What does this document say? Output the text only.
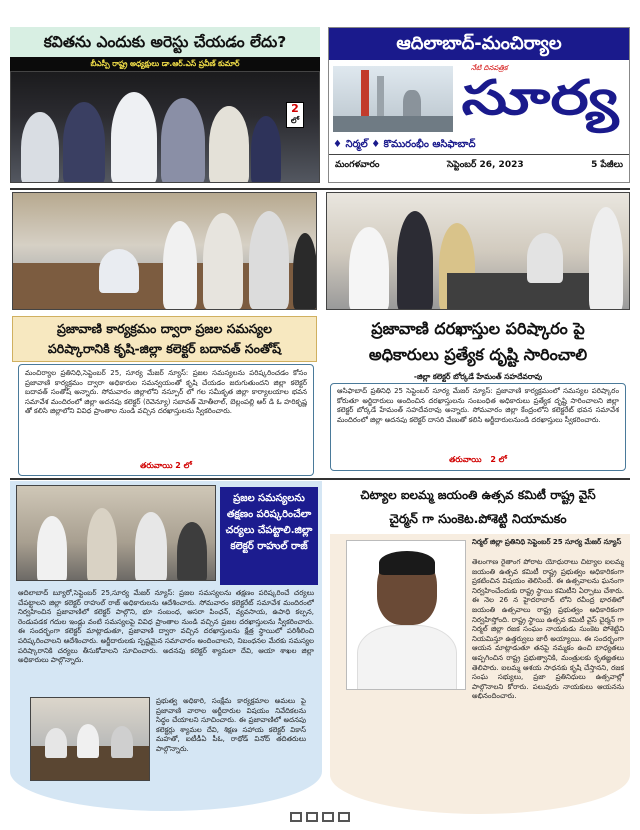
కవితను ఎందుకు అరెస్టు చేయడం లేదు?
బీఎస్పీ రాష్ట్ర అధ్యక్షులు డా.ఆర్.ఎస్ ప్రవీణ్ కుమార్
2
లో
ఆదిలాబాద్-మంచిర్యాల
నేటి దినపత్రిక
సూర్య
♦ నిర్మల్ ♦ కొమురంభీం ఆసిఫాబాద్
మంగళవారం	సెప్టెంబర్ 26, 2023	5 పేజీలు
ప్రజావాణి కార్యక్రమం ద్వారా ప్రజల సమస్యల
పరిష్కారానికి కృషి-జిల్లా కలెక్టర్ బదావత్ సంతోష్
మంచిర్యాల ప్రతినిధి,సెప్టెంబర్ 25, సూర్య మేజర్ న్యూస్: ప్రజల సమస్యలను పరిష్కరించడం కోసం ప్రజావాణి కార్యక్రమం ద్వారా అధికారుల సమన్వయంతో కృషి చేయడం జరుగుతుందని జిల్లా కలెక్టర్ బదావత్ సంతోష్ అన్నారు. సోమవారం జిల్లాలోని నస్పూర్ లో గల సమీకృత జిల్లా కార్యాలయాల భవన సమావేశ మందిరంలో జిల్లా అదనపు కలెక్టర్ (రెవెన్యూ) సబావత్ మోతీలాల్, బెల్లంపల్లి ఆర్ డి ఓ హరికృష్ణ తో కలిసి జిల్లాలోని వివిధ ప్రాంతాల నుండి వచ్చిన దరఖాస్తులను స్వీకరించారు.
తరువాయి 2 లో
ప్రజావాణి దరఖాస్తుల పరిష్కారం పై
అధికారులు ప్రత్యేక దృష్టి సారించాలి
-జిల్లా కలెక్టర్ బోర్కడే హేమంత్ సహదేవరావు
ఆసిఫాబాద్ ప్రతినిధి 25 సెప్టెంబర్ సూర్య మేజర్ న్యూస్: ప్రజావాణి కార్యక్రమంలో సమస్యల పరిష్కారం కోరుతూ అర్జిదారులు అందించిన దరఖాస్తులను సంబంధిత అధికారులు ప్రత్యేక దృష్టి సారించాలని జిల్లా కలెక్టర్ బోర్కడే హేమంత్ సహదేవరావు అన్నారు. సోమవారం జిల్లా కేంద్రంలోని కలెక్టరేట్ భవన సమావేశ మందిరంలో జిల్లా అదనపు కలెక్టర్ దాసరి వేణుతో కలిసి అర్జీదారులనుండి దరఖాస్తులు స్వీకరించారు.
తరువాయి 2 లో
ప్రజల సమస్యలను తక్షణం పరిష్కరించేలా చర్యలు చేపట్టాలి.జిల్లా కలెక్టర్ రాహుల్ రాజ్
ఆదిలాబాద్ బ్యూరో,సెప్టెంబర్ 25,సూర్య మేజర్ న్యూస్: ప్రజల సమస్యలను తక్షణం పరిష్కరించే చర్యలు చేపట్టాలని జిల్లా కలెక్టర్ రాహుల్ రాజ్ అధికారులను ఆదేశించారు. సోమవారం కలెక్టరేట్ సమావేశ మందిరంలో నిర్వహించిన ప్రజావాణిలో కలెక్టర్ పాల్గొని, భూ సంబంధ, ఆసరా పింఛన్, వ్యవసాయ, ఉపాధి కల్పన, రెండుపడక గదుల ఇండ్లు వంటి సమస్యలపై వివిధ ప్రాంతాల నుండి వచ్చిన ప్రజల దరఖాస్తులను స్వీకరించారు. ఈ సందర్భంగా కలెక్టర్ మాట్లాడుతూ, ప్రజావాణి ద్వారా వచ్చిన దరఖాస్తులను క్షేత్ర స్థాయిలో పరిశీలించి పరిష్కరించాలని ఆదేశించారు. అర్జీదారులకు స్పష్టమైన సమాచారం అందించాలని, నిబంధనల మేరకు సమస్యల పరిష్కారానికి చర్యలు తీసుకోవాలని సూచించారు. అదనపు కలెక్టర్ శ్యామలా దేవి, ఆయా శాఖల జిల్లా అధికారులు పాల్గొన్నారు.
ప్రభుత్వ అధికారి, సంక్షేమ కార్యక్రమాల అమలు పై ప్రజావాణి వారాల అర్జీదారుల విషయం నివేదికలను సిద్ధం చేయాలని సూచించారు. ఈ ప్రజావాణిలో అదనపు కలెక్టర్లు శ్యామల దేవి, శిక్షణ సహాయ కలెక్టర్ వికాస్ మహతో, ఐటీడీఏ పీఓ, రాథోడ్ వినోద్ తదితరులు పాల్గొన్నారు.
చిట్యాల ఐలమ్మ జయంతి ఉత్సవ కమిటీ రాష్ట్ర వైస్
చైర్మన్ గా సుంకెట.పోశెట్టి నియామకం
నిర్మల్ జిల్లా ప్రతినిధి సెప్టెంబర్ 25 సూర్య మేజర్ న్యూస్
తెలంగాణ రైతాంగ పోరాట యోధురాలు చిట్యాల ఐలమ్మ జయంతి ఉత్సవ కమిటీ రాష్ట్ర ప్రభుత్వం అధికారికంగా ప్రకటించిన విషయం తెలిసిందే. ఈ ఉత్సవాలను ఘనంగా నిర్వహించేందుకు రాష్ట్ర స్థాయి కమిటీని ఏర్పాటు చేశారు. ఈ నెల 26 న హైదరాబాద్ లోని రవీంద్ర భారతిలో జయంతి ఉత్సవాలు రాష్ట్ర ప్రభుత్వం అధికారికంగా నిర్వహిస్తోంది. రాష్ట్ర స్థాయి ఉత్సవ కమిటీ వైస్ చైర్మన్ గా నిర్మల్ జిల్లా రజక సంఘం నాయకుడు సుంకెట పోశెట్టిని నియమిస్తూ ఉత్తర్వులు జారీ అయ్యాయి. ఈ సందర్భంగా ఆయన మాట్లాడుతూ తనపై నమ్మకం ఉంచి బాధ్యతలు అప్పగించిన రాష్ట్ర ప్రభుత్వానికి, మంత్రులకు కృతజ్ఞతలు తెలిపారు. ఐలమ్మ ఆశయ సాధనకు కృషి చేస్తానని, రజక సంఘ సభ్యులు, ప్రజా ప్రతినిధులు ఉత్సవాల్లో పాల్గొనాలని కోరారు. పలువురు నాయకులు ఆయనను అభినందించారు.
